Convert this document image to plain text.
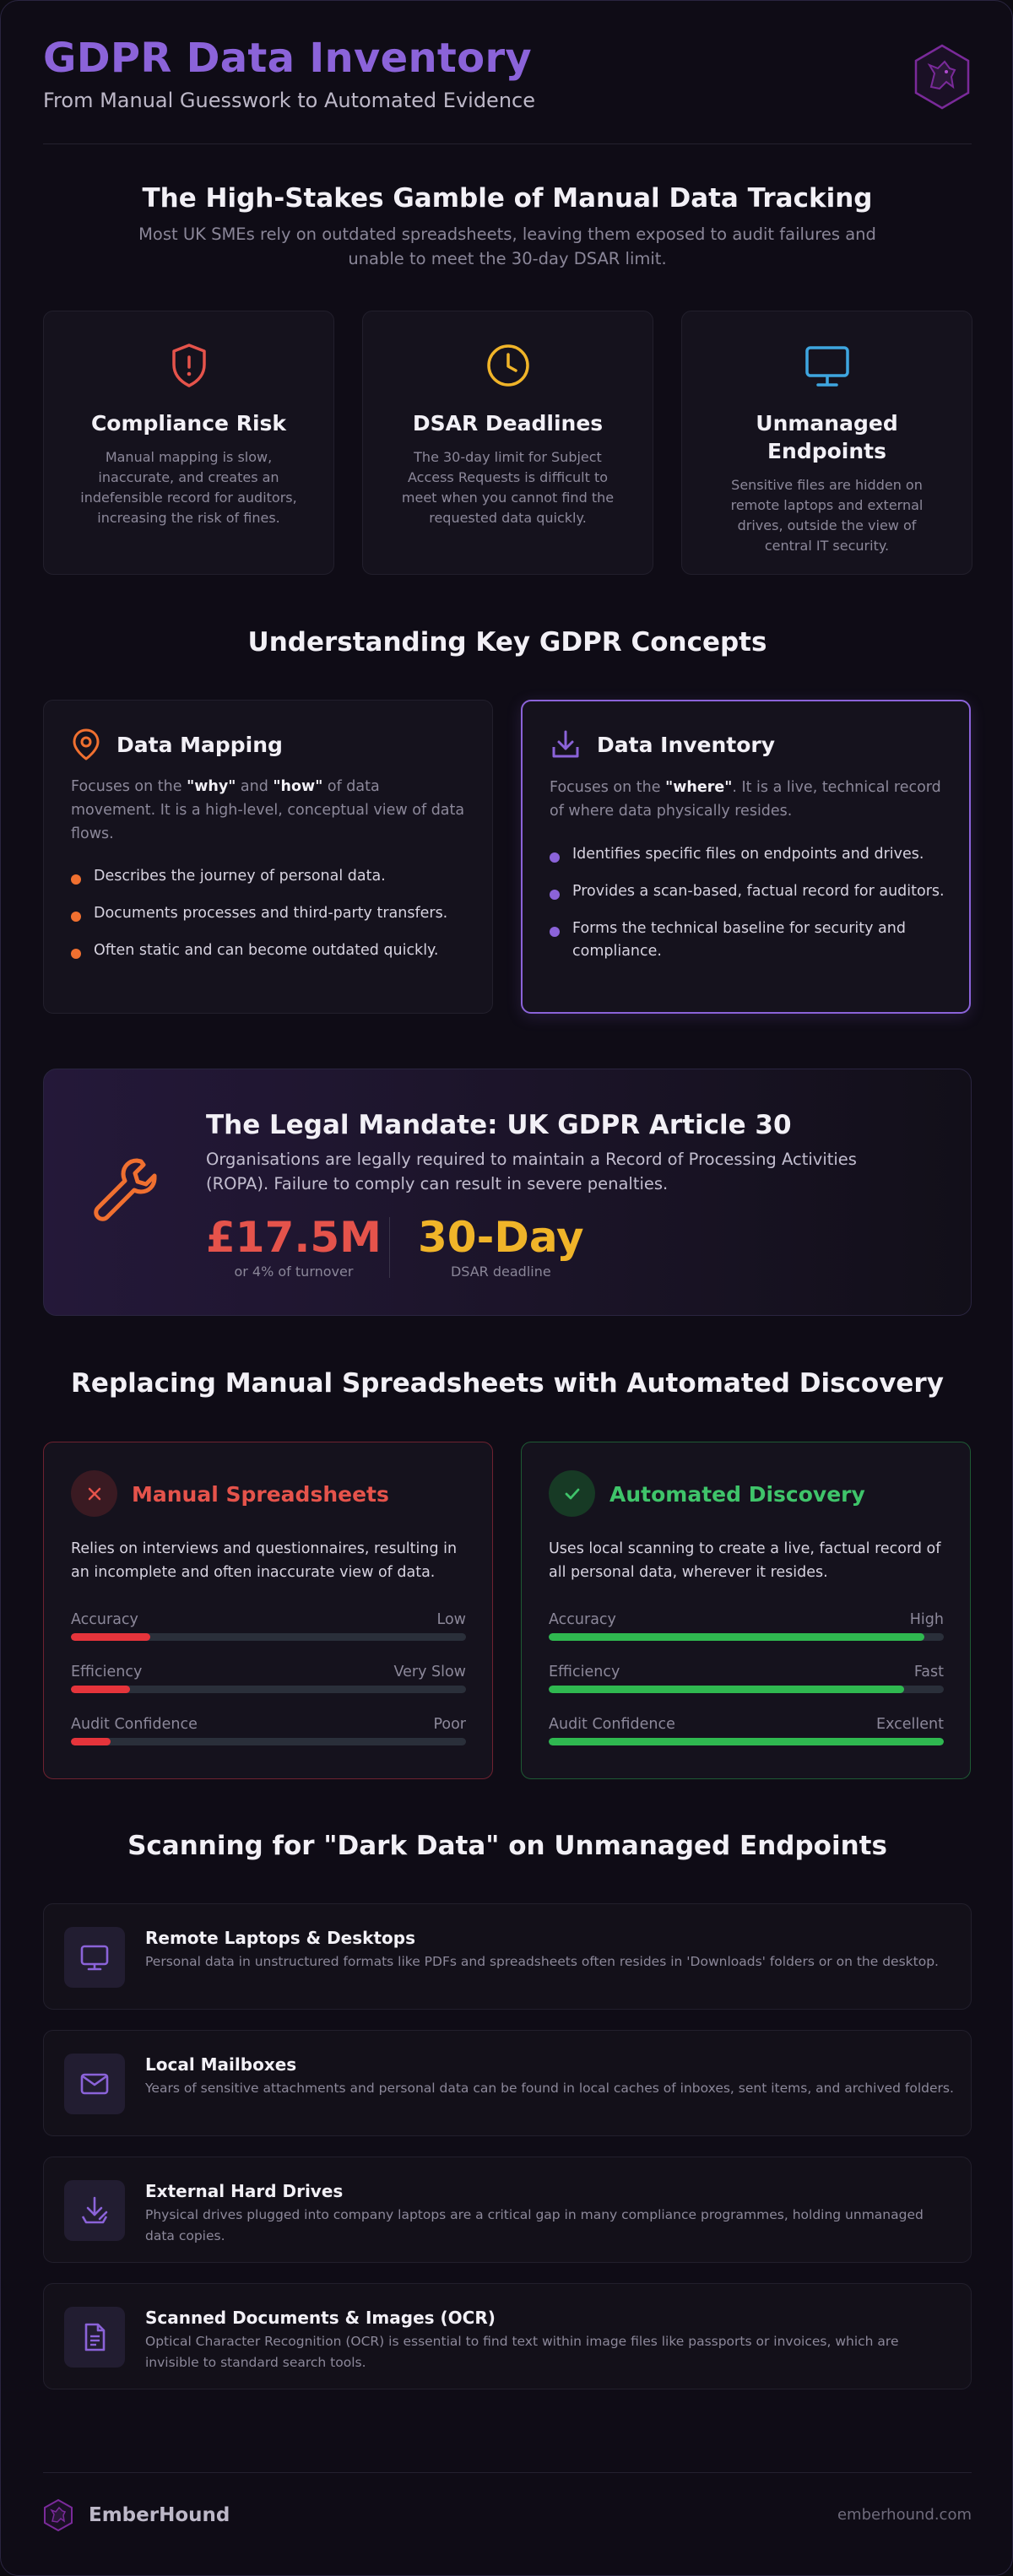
GDPR Data Inventory
From Manual Guesswork to Automated Evidence
The High-Stakes Gamble of Manual Data Tracking
Most UK SMEs rely on outdated spreadsheets, leaving them exposed to audit failures and unable to meet the 30-day DSAR limit.
Compliance Risk

Manual mapping is slow, inaccurate, and creates an indefensible record for auditors, increasing the risk of fines.

DSAR Deadlines

The 30-day limit for Subject Access Requests is difficult to meet when you cannot find the requested data quickly.

Unmanaged Endpoints

Sensitive files are hidden on remote laptops and external drives, outside the view of central IT security.

Understanding Key GDPR Concepts
Data Mapping
Focuses on the "why" and "how" of data movement. It is a high-level, conceptual view of data flows.
Describes the journey of personal data.
Documents processes and third-party transfers.
Often static and can become outdated quickly.
Data Inventory
Focuses on the "where". It is a live, technical record of where data physically resides.
Identifies specific files on endpoints and drives.
Provides a scan-based, factual record for auditors.
Forms the technical baseline for security and compliance.
The Legal Mandate: UK GDPR Article 30
Organisations are legally required to maintain a Record of Processing Activities (ROPA). Failure to comply can result in severe penalties.
£17.5M
or 4% of turnover
30-Day
DSAR deadline
Replacing Manual Spreadsheets with Automated Discovery
Manual Spreadsheets
Relies on interviews and questionnaires, resulting in an incomplete and often inaccurate view of data.
Accuracy	Low
Efficiency	Very Slow
Audit Confidence	Poor
Automated Discovery
Uses local scanning to create a live, factual record of all personal data, wherever it resides.
Accuracy	High
Efficiency	Fast
Audit Confidence	Excellent
Scanning for "Dark Data" on Unmanaged Endpoints
Remote Laptops & Desktops

Personal data in unstructured formats like PDFs and spreadsheets often resides in 'Downloads' folders or on the desktop.

Local Mailboxes

Years of sensitive attachments and personal data can be found in local caches of inboxes, sent items, and archived folders.

External Hard Drives

Physical drives plugged into company laptops are a critical gap in many compliance programmes, holding unmanaged data copies.

Scanned Documents & Images (OCR)

Optical Character Recognition (OCR) is essential to find text within image files like passports or invoices, which are invisible to standard search tools.

EmberHound	emberhound.com
